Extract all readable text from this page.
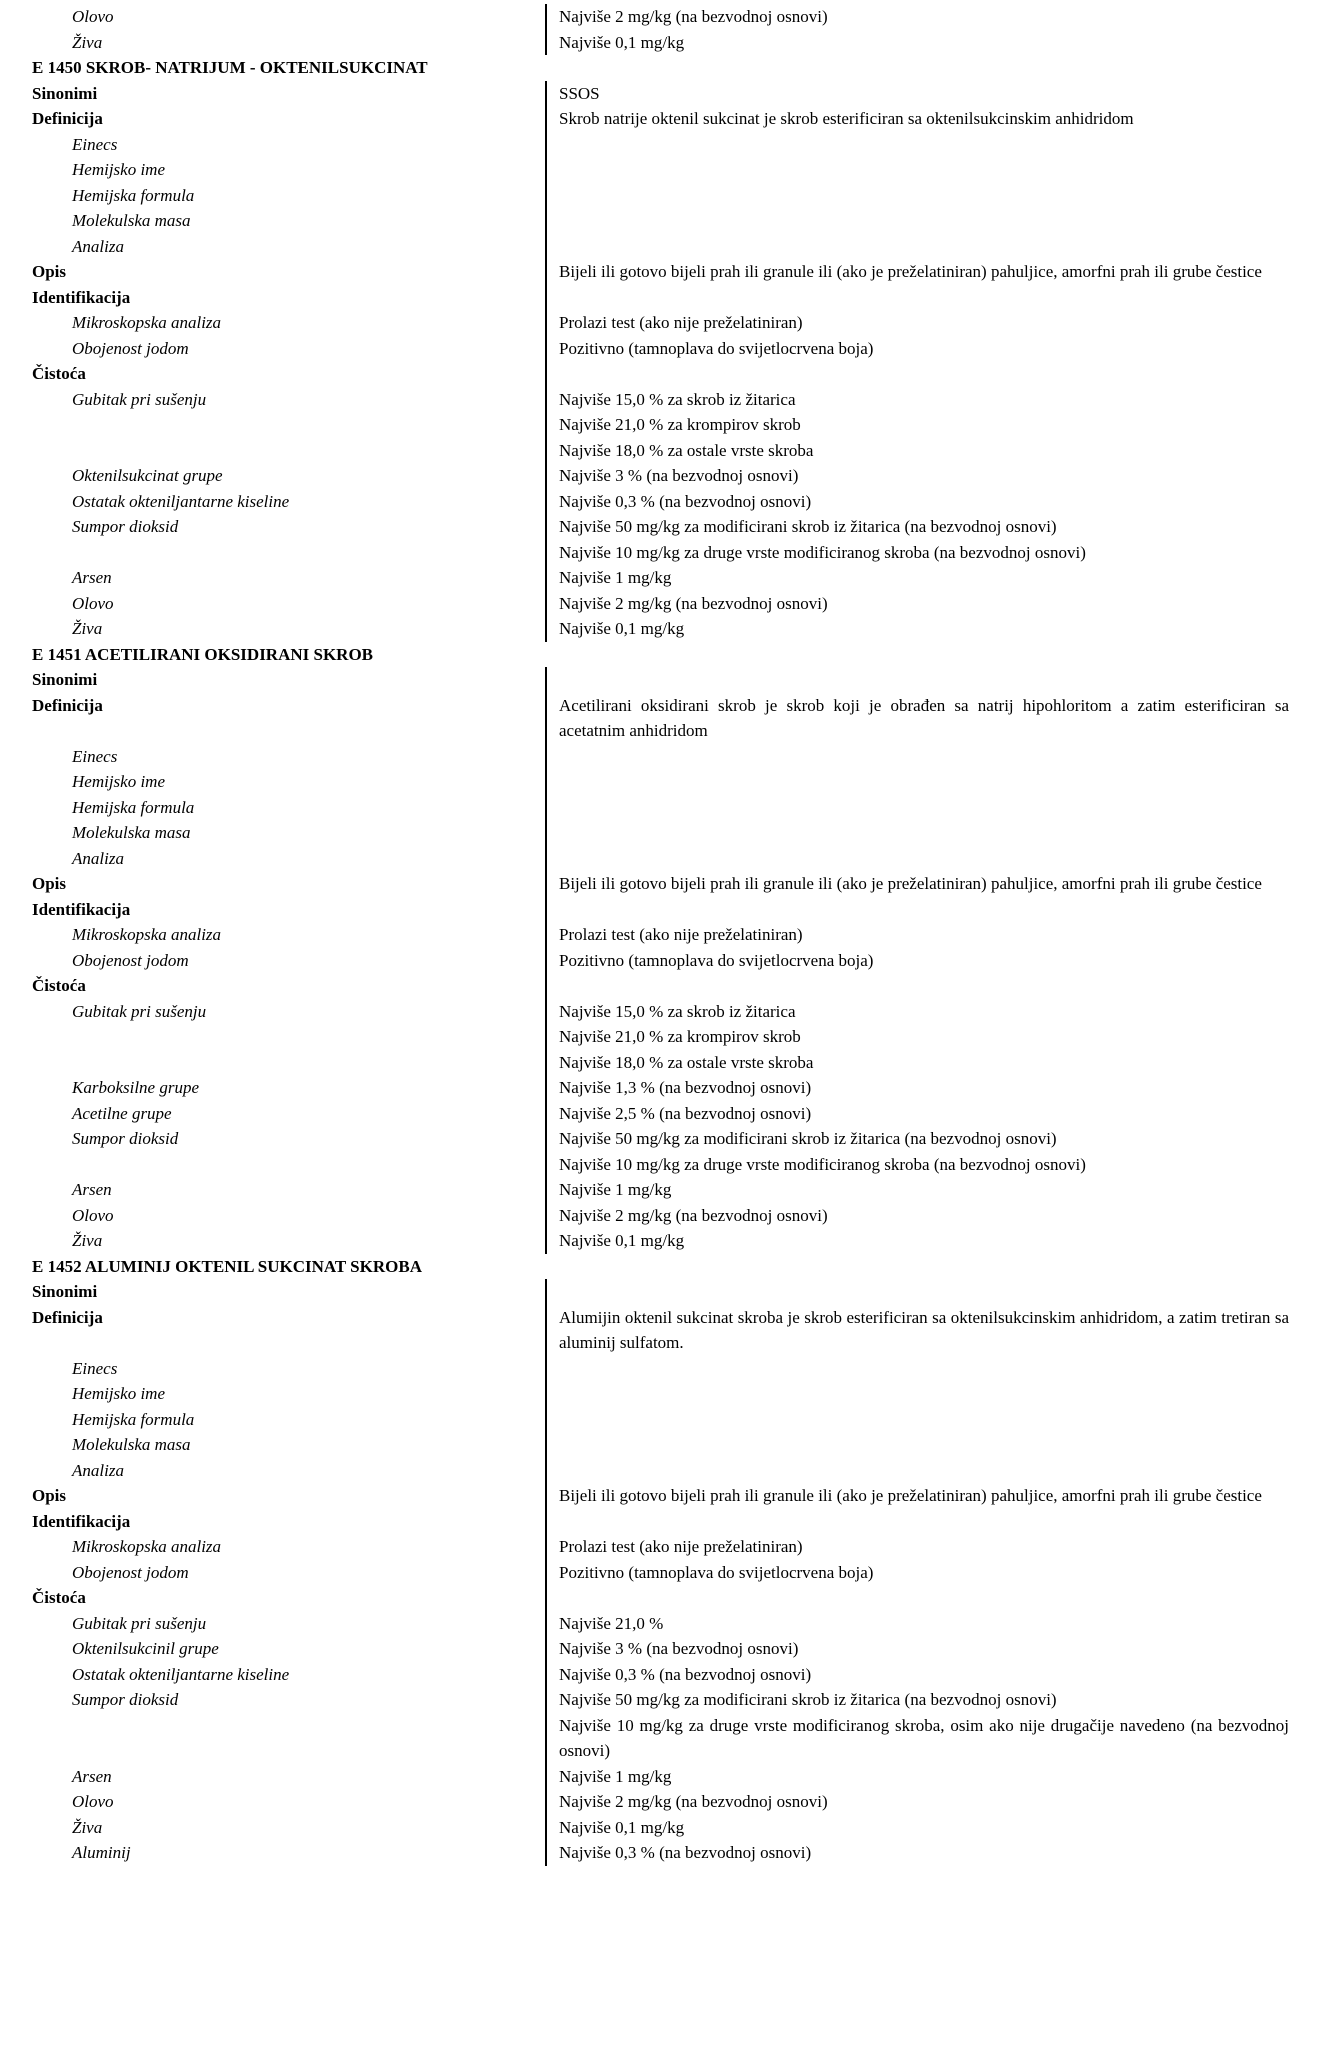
Olovo	Najviše 2 mg/kg (na bezvodnoj osnovi)
Živa	Najviše 0,1 mg/kg
E 1450 SKROB- NATRIJUM - OKTENILSUKCINAT
Sinonimi	SSOS
Definicija	Skrob natrije oktenil sukcinat je skrob esterificiran sa oktenilsukcinskim anhidridom
Einecs
Hemijsko ime
Hemijska formula
Molekulska masa
Analiza
Opis	Bijeli ili gotovo bijeli prah ili granule ili (ako je preželatiniran) pahuljice, amorfni prah ili grube čestice
Identifikacija
Mikroskopska analiza	Prolazi test (ako nije preželatiniran)
Obojenost jodom	Pozitivno (tamnoplava do svijetlocrvena boja)
Čistoća
Gubitak pri sušenju	Najviše 15,0 % za skrob iz žitarica
Najviše 21,0 % za krompirov skrob
Najviše 18,0 % za ostale vrste skroba
Oktenilsukcinat grupe	Najviše 3 % (na bezvodnoj osnovi)
Ostatak okteniljantarne kiseline	Najviše 0,3 % (na bezvodnoj osnovi)
Sumpor dioksid	Najviše 50 mg/kg za modificirani skrob iz žitarica (na bezvodnoj osnovi)
Najviše 10 mg/kg za druge vrste modificiranog skroba (na bezvodnoj osnovi)
Arsen	Najviše 1 mg/kg
Olovo	Najviše 2 mg/kg (na bezvodnoj osnovi)
Živa	Najviše 0,1 mg/kg
E 1451 ACETILIRANI OKSIDIRANI SKROB
Sinonimi
Definicija	Acetilirani oksidirani skrob je skrob koji je obrađen sa natrij hipohloritom a zatim esterificiran sa acetatnim anhidridom
Einecs
Hemijsko ime
Hemijska formula
Molekulska masa
Analiza
Opis	Bijeli ili gotovo bijeli prah ili granule ili (ako je preželatiniran) pahuljice, amorfni prah ili grube čestice
Identifikacija
Mikroskopska analiza	Prolazi test (ako nije preželatiniran)
Obojenost jodom	Pozitivno (tamnoplava do svijetlocrvena boja)
Čistoća
Gubitak pri sušenju	Najviše 15,0 % za skrob iz žitarica
Najviše 21,0 % za krompirov skrob
Najviše 18,0 % za ostale vrste skroba
Karboksilne grupe	Najviše 1,3 % (na bezvodnoj osnovi)
Acetilne grupe	Najviše 2,5 % (na bezvodnoj osnovi)
Sumpor dioksid	Najviše 50 mg/kg za modificirani skrob iz žitarica (na bezvodnoj osnovi)
Najviše 10 mg/kg za druge vrste modificiranog skroba (na bezvodnoj osnovi)
Arsen	Najviše 1 mg/kg
Olovo	Najviše 2 mg/kg (na bezvodnoj osnovi)
Živa	Najviše 0,1 mg/kg
E 1452 ALUMINIJ OKTENIL SUKCINAT SKROBA
Sinonimi
Definicija	Alumijin oktenil sukcinat skroba je skrob esterificiran sa oktenilsukcinskim anhidridom, a zatim tretiran sa aluminij sulfatom.
Einecs
Hemijsko ime
Hemijska formula
Molekulska masa
Analiza
Opis	Bijeli ili gotovo bijeli prah ili granule ili (ako je preželatiniran) pahuljice, amorfni prah ili grube čestice
Identifikacija
Mikroskopska analiza	Prolazi test (ako nije preželatiniran)
Obojenost jodom	Pozitivno (tamnoplava do svijetlocrvena boja)
Čistoća
Gubitak pri sušenju	Najviše 21,0 %
Oktenilsukcinil grupe	Najviše 3 % (na bezvodnoj osnovi)
Ostatak okteniljantarne kiseline	Najviše 0,3 % (na bezvodnoj osnovi)
Sumpor dioksid	Najviše 50 mg/kg za modificirani skrob iz žitarica (na bezvodnoj osnovi)
Najviše 10 mg/kg za druge vrste modificiranog skroba, osim ako nije drugačije navedeno (na bezvodnoj osnovi)
Arsen	Najviše 1 mg/kg
Olovo	Najviše 2 mg/kg (na bezvodnoj osnovi)
Živa	Najviše 0,1 mg/kg
Aluminij	Najviše 0,3 % (na bezvodnoj osnovi)
